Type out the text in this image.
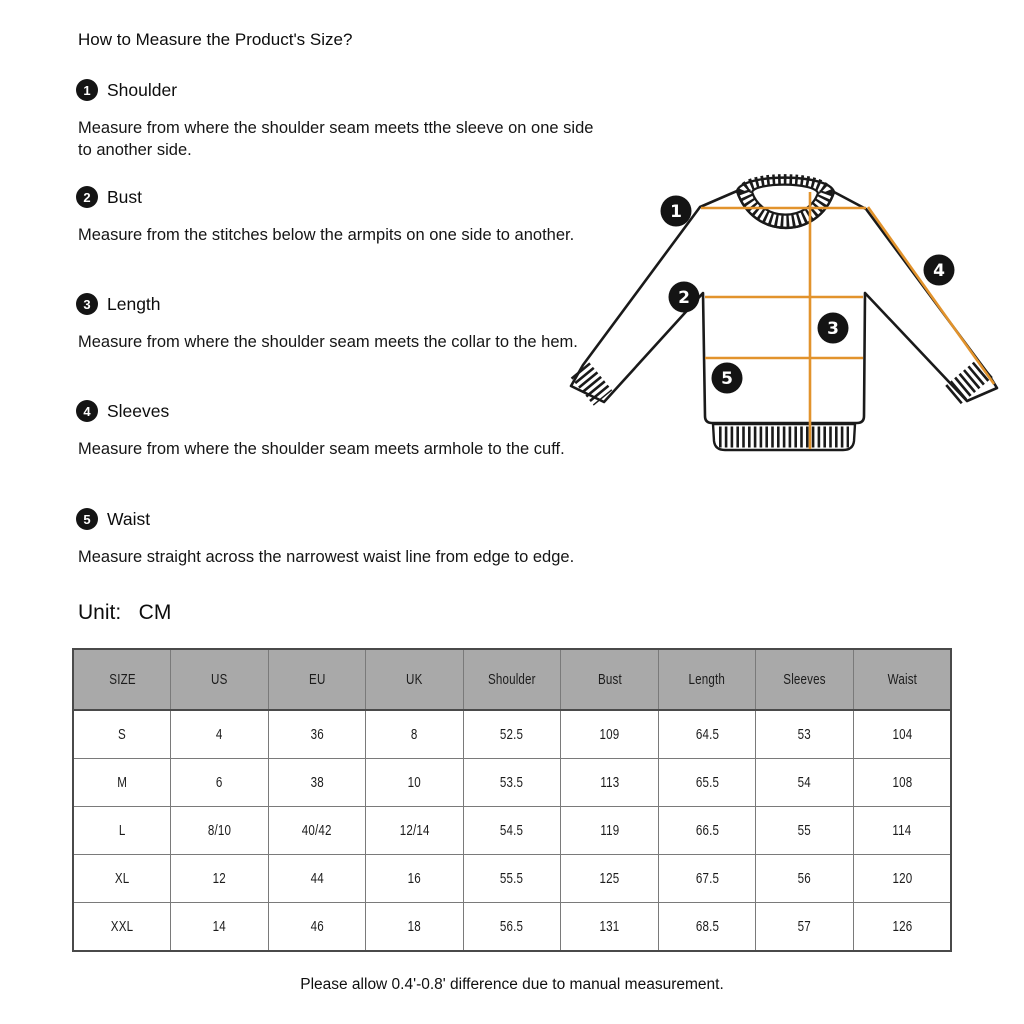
How to Measure the Product's Size?
1 Shoulder
Measure from where the shoulder seam meets tthe sleeve on one side to another side.
2 Bust
Measure from the stitches below the armpits on one side to another.
3 Length
Measure from where the shoulder seam meets the collar to the hem.
4 Sleeves
Measure from where the shoulder seam meets armhole to the cuff.
5 Waist
Measure straight across the narrowest waist line from edge to edge.
Unit:   CM
1
2
3
4
5
SIZE	US	EU	UK	Shoulder	Bust	Length	Sleeves	Waist
S	4	36	8	52.5	109	64.5	53	104
M	6	38	10	53.5	113	65.5	54	108
L	8/10	40/42	12/14	54.5	119	66.5	55	114
XL	12	44	16	55.5	125	67.5	56	120
XXL	14	46	18	56.5	131	68.5	57	126
Please allow 0.4'-0.8' difference due to manual measurement.
